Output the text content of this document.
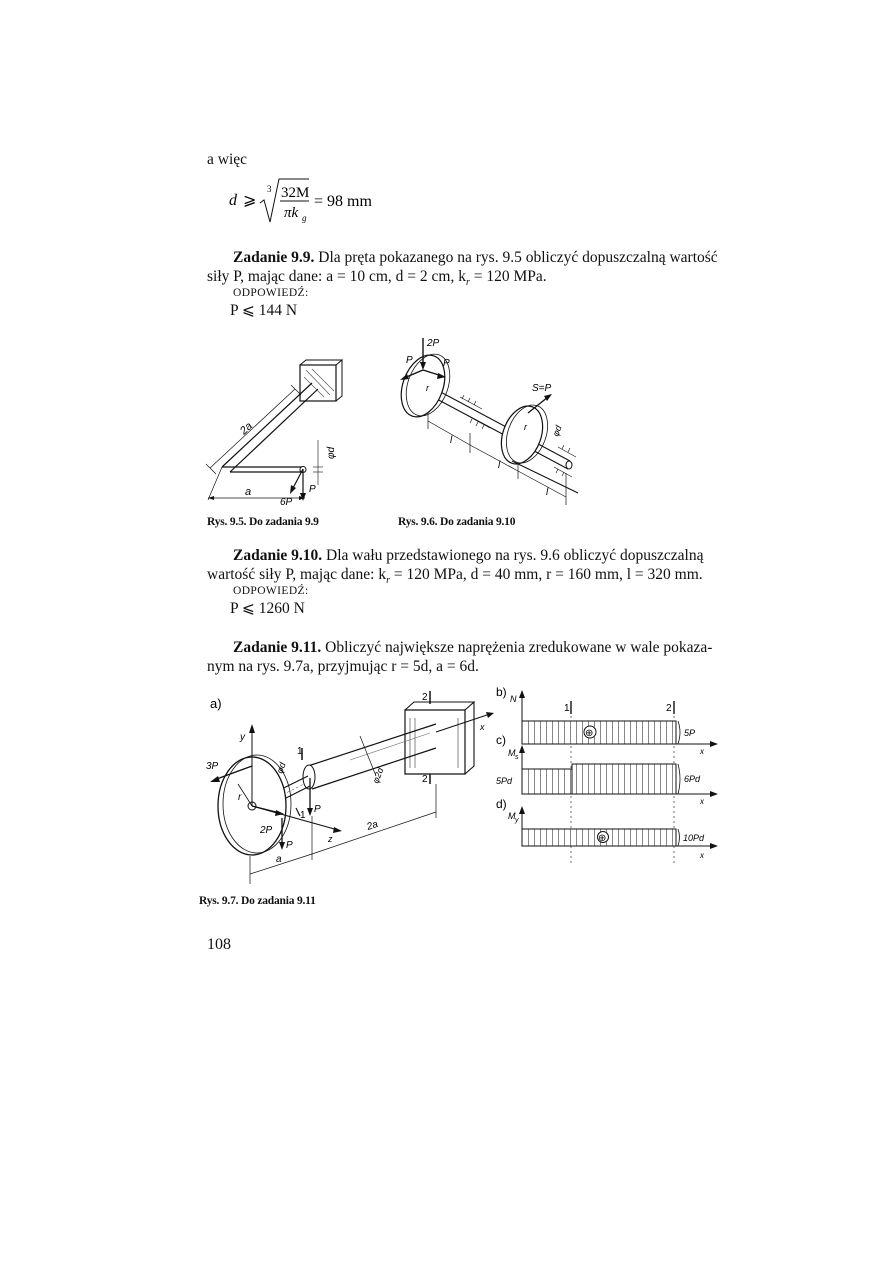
a więc
d ⩾
3 32M
πk g
= 98 mm
Zadanie 9.9. Dla pręta pokazanego na rys. 9.5 obliczyć dopuszczalną wartość
siły P, mając dane: a = 10 cm, d = 2 cm, $k_r = 120$ MPa.
ODPOWIEDŹ:
P ⩽ 144 N
2a
a
φd
P
6P
2P
P	P
S=P
r
r
l
l
l
φd
Rys. 9.5. Do zadania 9.9	Rys. 9.6. Do zadania 9.10
Zadanie 9.10. Dla wału przedstawionego na rys. 9.6 obliczyć dopuszczalną
wartość siły P, mając dane: $k_r = 120$ MPa, d = 40 mm, r = 160 mm, l = 320 mm.
ODPOWIEDŹ:
P ⩽ 1260 N
Zadanie 9.11. Obliczyć największe naprężenia zredukowane w wale pokaza-
nym na rys. 9.7a, przyjmując r = 5d, a = 6d.
a)
r
y
x
z
3P
2P
P
P
1
1
2
2
φd	φ2d
a
2a
1	2
b) N
⊕	5P
x
c)
M s
5Pd	6Pd
x
d)
M y
⊕	10Pd
x
Rys. 9.7. Do zadania 9.11
108
